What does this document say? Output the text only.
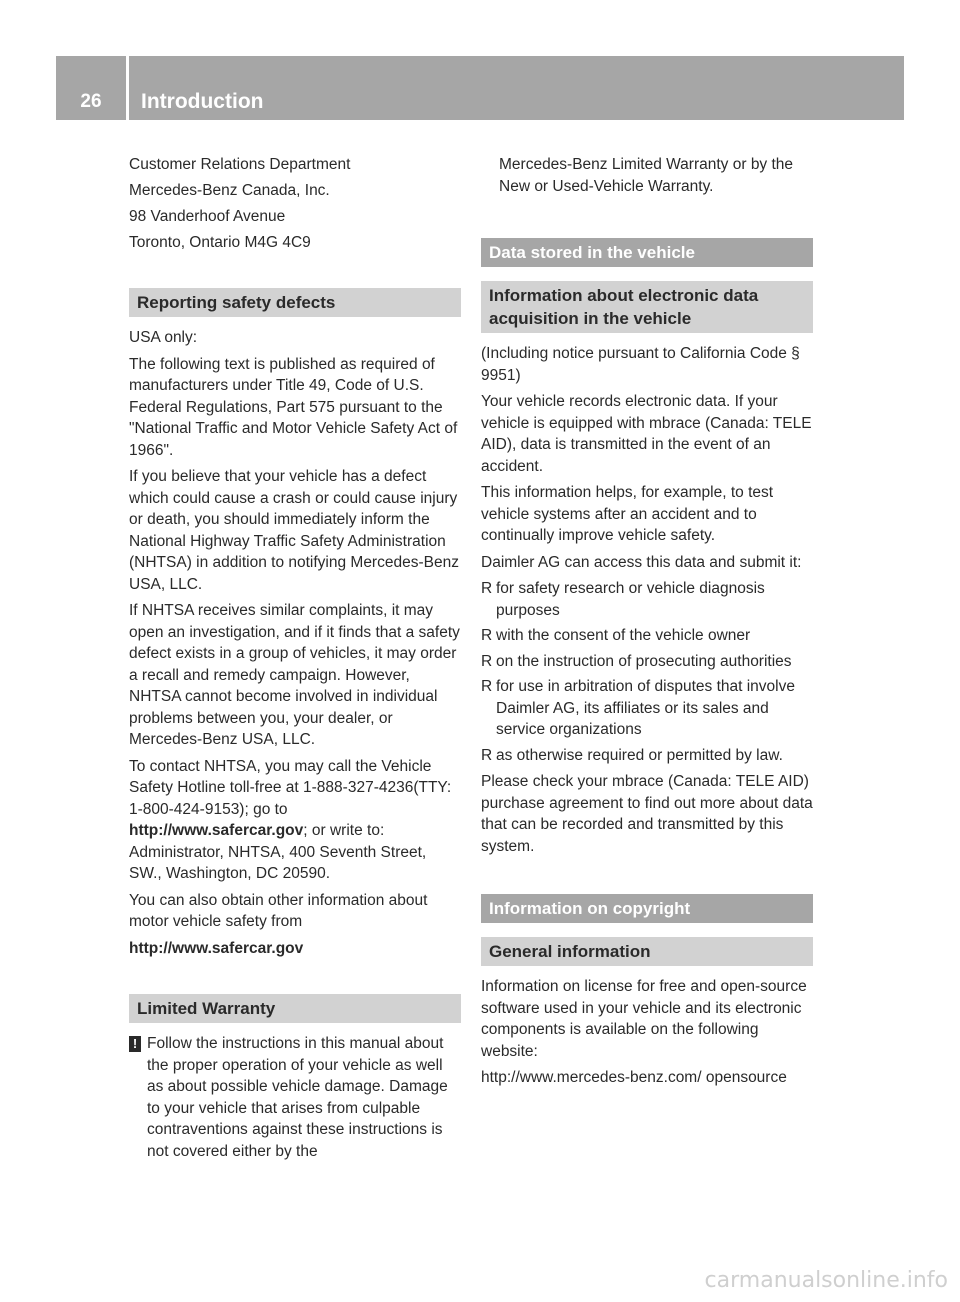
26	Introduction

Customer Relations Department

Mercedes-Benz Canada, Inc.

98 Vanderhoof Avenue

Toronto, Ontario M4G 4C9

Reporting safety defects

USA only:

The following text is published as required of manufacturers under Title 49, Code of U.S. Federal Regulations, Part 575 pursuant to the "National Traffic and Motor Vehicle Safety Act of 1966".

If you believe that your vehicle has a defect which could cause a crash or could cause injury or death, you should immediately inform the National Highway Traffic Safety Administration (NHTSA) in addition to notifying Mercedes-Benz USA, LLC.

If NHTSA receives similar complaints, it may open an investigation, and if it finds that a safety defect exists in a group of vehicles, it may order a recall and remedy campaign. However, NHTSA cannot become involved in individual problems between you, your dealer, or Mercedes-Benz USA, LLC.

To contact NHTSA, you may call the Vehicle Safety Hotline toll-free at 1-888-327-4236(TTY: 1-800-424-9153); go to http://www.safercar.gov; or write to: Administrator, NHTSA, 400 Seventh Street, SW., Washington, DC 20590.

You can also obtain other information about motor vehicle safety from

http://www.safercar.gov

Limited Warranty
! Follow the instructions in this manual about the proper operation of your vehicle as well as about possible vehicle damage. Damage to your vehicle that arises from culpable contraventions against these instructions is not covered either by the

Mercedes-Benz Limited Warranty or by the New or Used-Vehicle Warranty.

Data stored in the vehicle
Information about electronic data acquisition in the vehicle

(Including notice pursuant to California Code § 9951)

Your vehicle records electronic data. If your vehicle is equipped with mbrace (Canada: TELE AID), data is transmitted in the event of an accident.

This information helps, for example, to test vehicle systems after an accident and to continually improve vehicle safety.

Daimler AG can access this data and submit it:

R for safety research or vehicle diagnosis purposes
R with the consent of the vehicle owner
R on the instruction of prosecuting authorities
R for use in arbitration of disputes that involve Daimler AG, its affiliates or its sales and service organizations
R as otherwise required or permitted by law.

Please check your mbrace (Canada: TELE AID) purchase agreement to find out more about data that can be recorded and transmitted by this system.

Information on copyright
General information

Information on license for free and open-source software used in your vehicle and its electronic components is available on the following website:

http://www.mercedes-benz.com/ opensource

carmanualsonline.info
